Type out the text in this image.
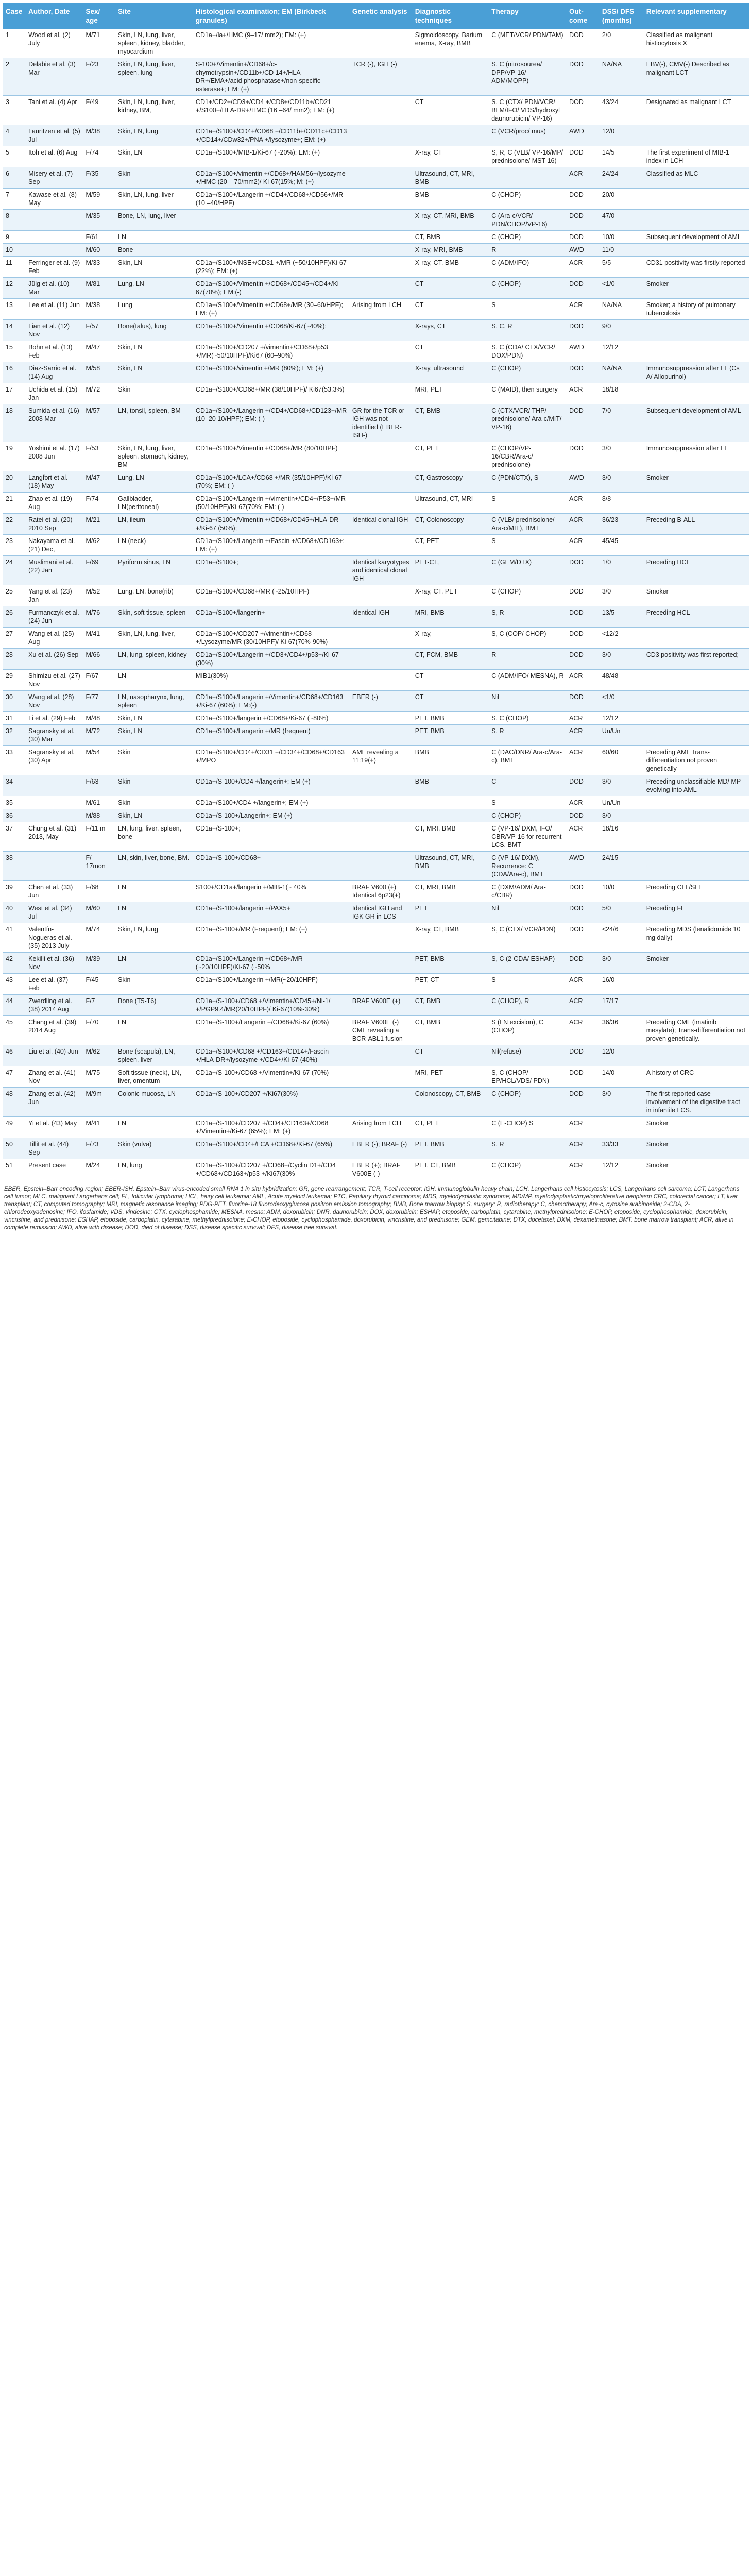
Case	Author, Date	Sex/ age	Site	Histological examination; EM (Birkbeck granules)	Genetic analysis	Diagnostic techniques	Therapy	Out-come	DSS/ DFS (months)	Relevant supplementary
1	Wood et al. (2) July	M/71	Skin, LN, lung, liver, spleen, kidney, bladder, myocardium	CD1a+/la+/HMC (9–17/ mm2); EM: (+)		Sigmoidoscopy, Barium enema, X-ray, BMB	C (MET/VCR/ PDN/TAM)	DOD	2/0	Classified as malignant histiocytosis X
2	Delabie et al. (3) Mar	F/23	Skin, LN, lung, liver, spleen, lung	S-100+/Vimentin+/CD68+/α-chymotrypsin+/CD11b+/CD 14+/HLA-DR+/EMA+/acid phosphatase+/non-specific esterase+; EM: (+)	TCR (-), IGH (-)		S, C (nitrosourea/ DPP/VP-16/ ADM/MOPP)	DOD	NA/NA	EBV(-), CMV(-) Described as malignant LCT
3	Tani et al. (4) Apr	F/49	Skin, LN, lung, liver, kidney, BM,	CD1+/CD2+/CD3+/CD4 +/CD8+/CD11b+/CD21 +/S100+/HLA-DR+/HMC (16 –64/ mm2); EM: (+)		CT	S, C (CTX/ PDN/VCR/ BLM/IFO/ VDS/hydroxyl daunorubicin/ VP-16)	DOD	43/24	Designated as malignant LCT
4	Lauritzen et al. (5) Jul	M/38	Skin, LN, lung	CD1a+/S100+/CD4+/CD68 +/CD11b+/CD11c+/CD13 +/CD14+/CDw32+/PNA +/lysozyme+; EM: (+)			C (VCR/proc/ mus)	AWD	12/0	
5	Itoh et al. (6) Aug	F/74	Skin, LN	CD1a+/S100+/MIB-1/Ki-67 (~20%); EM: (+)		X-ray, CT	S, R, C (VLB/ VP-16/MP/ prednisolone/ MST-16)	DOD	14/5	The first experiment of MIB-1 index in LCH
6	Misery et al. (7) Sep	F/35	Skin	CD1a+/S100+/vimentin +/CD68+/HAM56+/lysozyme +/HMC (20 – 70/mm2)/ Ki-67(15%; M: (+)		Ultrasound, CT, MRI, BMB		ACR	24/24	Classified as MLC
7	Kawase et al. (8) May	M/59	Skin, LN, lung, liver	CD1a+/S100+/Langerin +/CD4+/CD68+/CD56+/MR (10 –40/HPF)		BMB	C (CHOP)	DOD	20/0	
8		M/35	Bone, LN, lung, liver			X-ray, CT, MRI, BMB	C (Ara-c/VCR/ PDN/CHOP/VP-16)	DOD	47/0	
9		F/61	LN			CT, BMB	C (CHOP)	DOD	10/0	Subsequent development of AML
10		M/60	Bone			X-ray, MRI, BMB	R	AWD	11/0	
11	Ferringer et al. (9) Feb	M/33	Skin, LN	CD1a+/S100+/NSE+/CD31 +/MR (~50/10HPF)/Ki-67 (22%); EM: (+)		X-ray, CT, BMB	C (ADM/IFO)	ACR	5/5	CD31 positivity was firstly reported
12	Jülg et al. (10) Mar	M/81	Lung, LN	CD1a+/S100+/Vimentin +/CD68+/CD45+/CD4+/Ki-67(70%); EM:(-)		CT	C (CHOP)	DOD	<1/0	Smoker
13	Lee et al. (11) Jun	M/38	Lung	CD1a+/S100+/Vimentin +/CD68+/MR (30–60/HPF); EM: (+)	Arising from LCH	CT	S	ACR	NA/NA	Smoker; a history of pulmonary tuberculosis
14	Lian et al. (12) Nov	F/57	Bone(talus), lung	CD1a+/S100+/Vimentin +/CD68/Ki-67(~40%);		X-rays, CT	S, C, R	DOD	9/0	
15	Bohn et al. (13) Feb	M/47	Skin, LN	CD1a+/S100+/CD207 +/vimentin+/CD68+/p53 +/MR(~50/10HPF)/Ki67 (60–90%)		CT	S, C (CDA/ CTX/VCR/ DOX/PDN)	AWD	12/12	
16	Diaz-Sarrio et al. (14) Aug	M/58	Skin, LN	CD1a+/S100+/vimentin +/MR (80%); EM: (+)		X-ray, ultrasound	C (CHOP)	DOD	NA/NA	Immunosuppression after LT (Cs A/ Allopurinol)
17	Uchida et al. (15) Jan	M/72	Skin	CD1a+/S100+/CD68+/MR (38/10HPF)/ Ki67(53.3%)		MRI, PET	C (MAID), then surgery	ACR	18/18	
18	Sumida et al. (16) 2008 Mar	M/57	LN, tonsil, spleen, BM	CD1a+/S100+/Langerin +/CD4+/CD68+/CD123+/MR (10–20 10/HPF); EM: (-)	GR for the TCR or IGH was not identified (EBER-ISH-)	CT, BMB	C (CTX/VCR/ THP/ prednisolone/ Ara-c/MIT/ VP-16)	DOD	7/0	Subsequent development of AML
19	Yoshimi et al. (17) 2008 Jun	F/53	Skin, LN, lung, liver, spleen, stomach, kidney, BM	CD1a+/S100+/Vimentin +/CD68+/MR (80/10HPF)		CT, PET	C (CHOP/VP-16/CBR/Ara-c/ prednisolone)	DOD	3/0	Immunosuppression after LT
20	Langfort et al. (18) May	M/47	Lung, LN	CD1a+/S100+/LCA+/CD68 +/MR (35/10HPF)/Ki-67 (70%; EM: (-)		CT, Gastroscopy	C (PDN/CTX), S	AWD	3/0	Smoker
21	Zhao et al. (19) Aug	F/74	Gallbladder, LN(peritoneal)	CD1a+/S100+/Langerin +/vimentin+/CD4+/P53+/MR (50/10HPF)/Ki-67(70%; EM: (-)		Ultrasound, CT, MRI	S	ACR	8/8	
22	Ratei et al. (20) 2010 Sep	M/21	LN, ileum	CD1a+/S100+/Vimentin +/CD68+/CD45+/HLA-DR +/Ki-67 (50%);	Identical clonal IGH	CT, Colonoscopy	C (VLB/ prednisolone/ Ara-c/MIT), BMT	ACR	36/23	Preceding B-ALL
23	Nakayama et al. (21) Dec,	M/62	LN (neck)	CD1a+/S100+/Langerin +/Fascin +/CD68+/CD163+; EM: (+)		CT, PET	S	ACR	45/45	
24	Muslimani et al. (22) Jan	F/69	Pyriform sinus, LN	CD1a+/S100+;	Identical karyotypes and identical clonal IGH	PET-CT,	C (GEM/DTX)	DOD	1/0	Preceding HCL
25	Yang et al. (23) Jan	M/52	Lung, LN, bone(rib)	CD1a+/S100+/CD68+/MR (~25/10HPF)		X-ray, CT, PET	C (CHOP)	DOD	3/0	Smoker
26	Furmanczyk et al. (24) Jun	M/76	Skin, soft tissue, spleen	CD1a+/S100+/langerin+	Identical IGH	MRI, BMB	S, R	DOD	13/5	Preceding HCL
27	Wang et al. (25) Aug	M/41	Skin, LN, lung, liver,	CD1a+/S100+/CD207 +/vimentin+/CD68 +/Lysozyme/MR (30/10HPF)/ Ki-67(70%-90%)		X-ray,	S, C (COP/ CHOP)	DOD	<12/2	
28	Xu et al. (26) Sep	M/66	LN, lung, spleen, kidney	CD1a+/S100+/Langerin +/CD3+/CD4+/p53+/Ki-67 (30%)		CT, FCM, BMB	R	DOD	3/0	CD3 positivity was first reported;
29	Shimizu et al. (27) Nov	F/67	LN	MIB1(30%)		CT	C (ADM/IFO/ MESNA), R	ACR	48/48	
30	Wang et al. (28) Nov	F/77	LN, nasopharynx, lung, spleen	CD1a+/S100+/Langerin +/Vimentin+/CD68+/CD163 +/Ki-67 (60%); EM:(-)	EBER (-)	CT	Nil	DOD	<1/0	
31	Li et al. (29) Feb	M/48	Skin, LN	CD1a+/S100+/langerin +/CD68+/Ki-67 (~80%)		PET, BMB	S, C (CHOP)	ACR	12/12	
32	Sagransky et al. (30) Mar	M/72	Skin, LN	CD1a+/S100+/Langerin +/MR (frequent)		PET, BMB	S, R	ACR	Un/Un	
33	Sagransky et al. (30) Apr	M/54	Skin	CD1a+/S100+/CD4+/CD31 +/CD34+/CD68+/CD163 +/MPO	AML revealing a 11:19(+)	BMB	C (DAC/DNR/ Ara-c/Ara-c), BMT	ACR	60/60	Preceding AML Trans-differentiation not proven genetically
34		F/63	Skin	CD1a+/S-100+/CD4 +/langerin+; EM (+)		BMB	C	DOD	3/0	Preceding unclassifiable MD/ MP evolving into AML
35		M/61	Skin	CD1a+/S100+/CD4 +/langerin+; EM (+)			S	ACR	Un/Un	
36		M/88	Skin, LN	CD1a+/S-100+/Langerin+; EM (+)			C (CHOP)	DOD	3/0	
37	Chung et al. (31) 2013, May	F/11 m	LN, lung, liver, spleen, bone	CD1a+/S-100+;		CT, MRI, BMB	C (VP-16/ DXM, IFO/ CBR/VP-16 for recurrent LCS, BMT	ACR	18/16	
38		F/ 17mon	LN, skin, liver, bone, BM.	CD1a+/S-100+/CD68+		Ultrasound, CT, MRI, BMB	C (VP-16/ DXM), Recurrence: C (CDA/Ara-c), BMT	AWD	24/15	
39	Chen et al. (33) Jun	F/68	LN	S100+/CD1a+/langerin +/MIB-1(~ 40%	BRAF V600 (+) Identical 6p23(+)	CT, MRI, BMB	C (DXM/ADM/ Ara-c/CBR)	DOD	10/0	Preceding CLL/SLL
40	West et al. (34) Jul	M/60	LN	CD1a+/S-100+/langerin +/PAX5+	Identical IGH and IGK GR in LCS	PET	Nil	DOD	5/0	Preceding FL
41	Valentín-Nogueras et al. (35) 2013 July	M/74	Skin, LN, lung	CD1a+/S-100+/MR (Frequent); EM: (+)		X-ray, CT, BMB	S, C (CTX/ VCR/PDN)	DOD	<24/6	Preceding MDS (lenalidomide 10 mg daily)
42	Kekilli et al. (36) Nov	M/39	LN	CD1a+/S100+/Langerin +/CD68+/MR (~20/10HPF)/Ki-67 (~50%		PET, BMB	S, C (2-CDA/ ESHAP)	DOD	3/0	Smoker
43	Lee et al. (37) Feb	F/45	Skin	CD1a+/S100+/Langerin +/MR(~20/10HPF)		PET, CT	S	ACR	16/0	
44	Zwerdling et al. (38) 2014 Aug	F/7	Bone (T5-T6)	CD1a+/S-100+/CD68 +/Vimentin+/CD45+/Ni-1/ +/PGP9.4/MR(20/10HPF)/ Ki-67(10%-30%)	BRAF V600E (+)	CT, BMB	C (CHOP), R	ACR	17/17	
45	Chang et al. (39) 2014 Aug	F/70	LN	CD1a+/S-100+/Langerin +/CD68+/Ki-67 (60%)	BRAF V600E (-) CML revealing a BCR-ABL1 fusion	CT, BMB	S (LN excision), C (CHOP)	ACR	36/36	Preceding CML (imatinib mesylate); Trans-differentiation not proven genetically.
46	Liu et al. (40) Jun	M/62	Bone (scapula), LN, spleen, liver	CD1a+/S100+/CD68 +/CD163+/CD14+/Fascin +/HLA-DR+/lysozyme +/CD4+/Ki-67 (40%)		CT	Nil(refuse)	DOD	12/0	
47	Zhang et al. (41) Nov	M/75	Soft tissue (neck), LN, liver, omentum	CD1a+/S-100+/CD68 +/Vimentin+/Ki-67 (70%)		MRI, PET	S, C (CHOP/ EP/HCL/VDS/ PDN)	DOD	14/0	A history of CRC
48	Zhang et al. (42) Jun	M/9m	Colonic mucosa, LN	CD1a+/S-100+/CD207 +/Ki67(30%)		Colonoscopy, CT, BMB	C (CHOP)	DOD	3/0	The first reported case involvement of the digestive tract in infantile LCS.
49	Yi et al. (43) May	M/41	LN	CD1a+/S-100+/CD207 +/CD4+/CD163+/CD68 +/Vimentin+/Ki-67 (65%); EM: (+)	Arising from LCH	CT, PET	C (E-CHOP) S	ACR		Smoker
50	Tillit et al. (44) Sep	F/73	Skin (vulva)	CD1a+/S100+/CD4+/LCA +/CD68+/Ki-67 (65%)	EBER (-); BRAF (-)	PET, BMB	S, R	ACR	33/33	Smoker
51	Present case	M/24	LN, lung	CD1a+/S-100+/CD207 +/CD68+/Cyclin D1+/CD4 +/CD68+/CD163+/p53 +/Ki67(30%	EBER (+); BRAF V600E (-)	PET, CT, BMB	C (CHOP)	ACR	12/12	Smoker
EBER, Epstein–Barr encoding region; EBER-ISH, Epstein–Barr virus-encoded small RNA 1 in situ hybridization; GR, gene rearrangement; TCR, T-cell receptor; IGH, immunoglobulin heavy chain; LCH, Langerhans cell histiocytosis; LCS, Langerhans cell sarcoma; LCT, Langerhans cell tumor; MLC, malignant Langerhans cell; FL, follicular lymphoma; HCL, hairy cell leukemia; AML, Acute myeloid leukemia; PTC, Papillary thyroid carcinoma; MDS, myelodysplastic syndrome; MD/MP, myelodysplastic/myeloproliferative neoplasm CRC, colorectal cancer; LT, liver transplant; CT, computed tomography; MRI, magnetic resonance imaging; PDG-PET, fluorine-18 fluorodeoxyglucose positron emission tomography; BMB, Bone marrow biopsy; S, surgery; R, radiotherapy; C, chemotherapy; Ara-c, cytosine arabinoside; 2-CDA, 2-chlorodeoxyadenosine; IFO, ifosfamide; VDS, vindesine; CTX, cyclophosphamide; MESNA, mesna; ADM, doxorubicin; DNR, daunorubicin; DOX, doxorubicin; ESHAP, etoposide, carboplatin, cytarabine, methylprednisolone; E-CHOP, etoposide, cyclophosphamide, doxorubicin, vincristine, and prednisone; ESHAP, etoposide, carboplatin, cytarabine, methylprednisolone; E-CHOP, etoposide, cyclophosphamide, doxorubicin, vincristine, and prednisone; GEM, gemcitabine; DTX, docetaxel; DXM, dexamethasone; BMT, bone marrow transplant; ACR, alive in complete remission; AWD, alive with disease; DOD, died of disease; DSS, disease specific survival; DFS, disease free survival.
